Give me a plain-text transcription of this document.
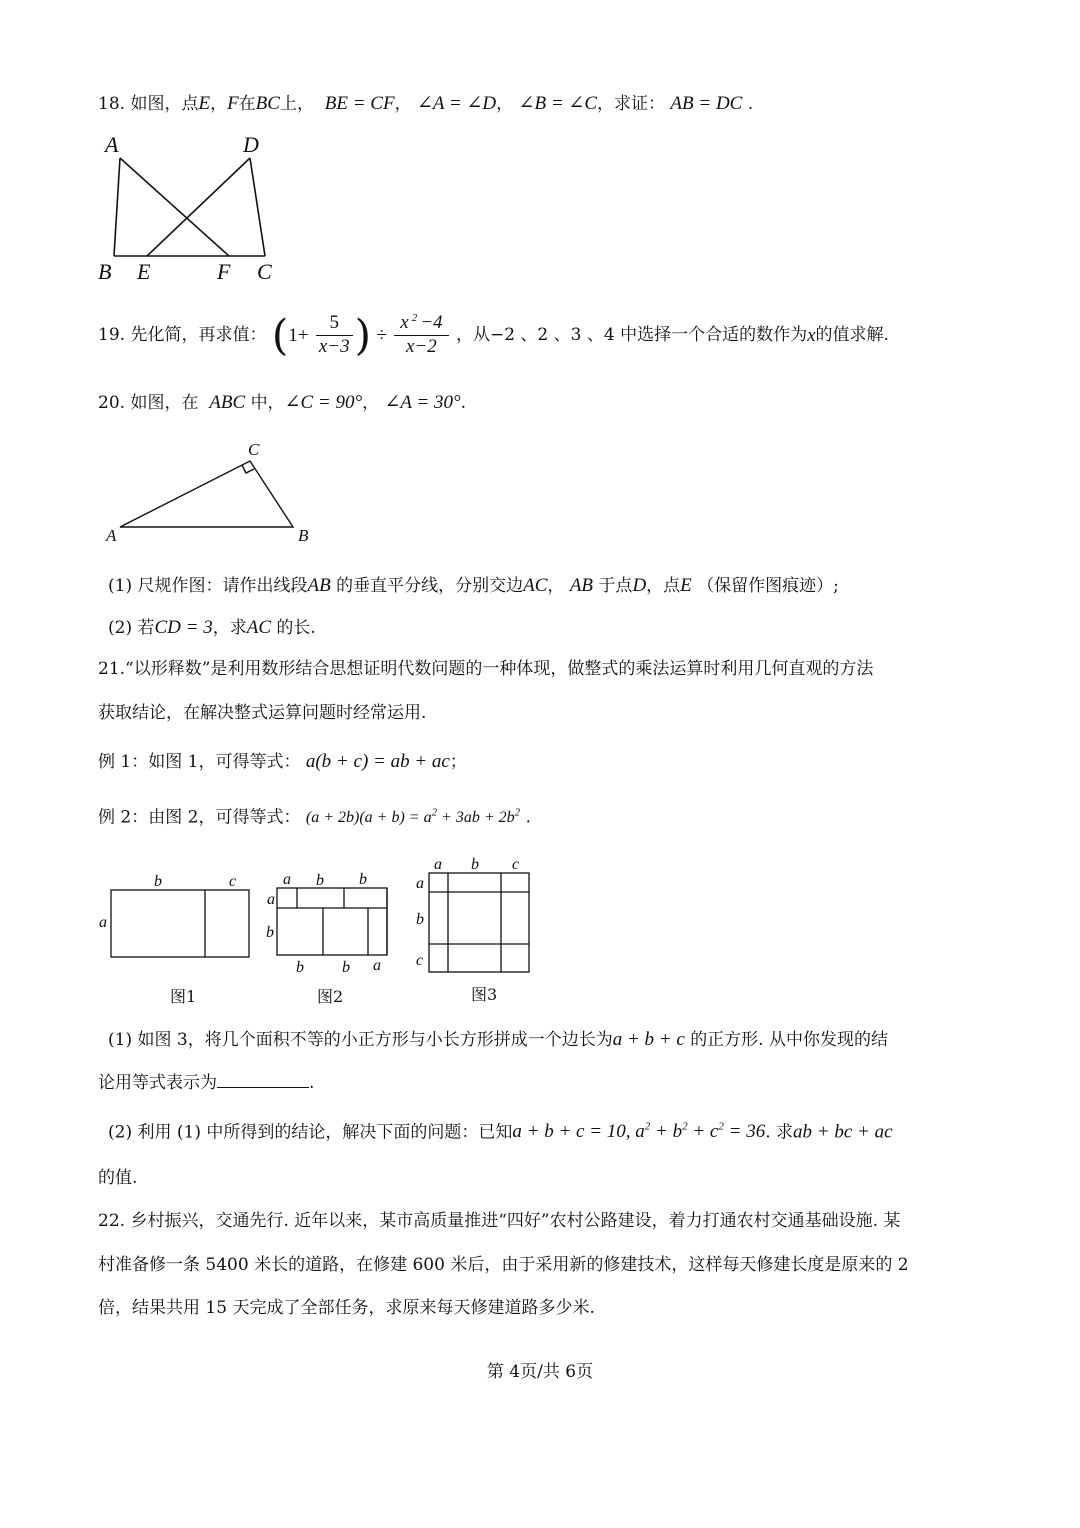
18. 如图，点E，F在BC上， BE = CF， ∠A = ∠D， ∠B = ∠C，求证： AB = DC .
A	D
B E	F C
19. 先化简，再求值： ($1+ \frac{5}{x-3}$ ) ÷ $\frac{x ^2 -4}{x-2}$ ，从−2 、2 、3 、4 中选择一个合适的数作为x的值求解.
20. 如图，在 ABC 中，∠C = 90°， ∠A = 30°.
C
A	B
(1) 尺规作图：请作出线段AB 的垂直平分线，分别交边AC， AB 于点D，点E （保留作图痕迹）;
(2) 若CD = 3，求AC 的长.
21.“以形释数”是利用数形结合思想证明代数问题的一种体现，做整式的乘法运算时利用几何直观的方法
获取结论，在解决整式运算问题时经常运用.
例 1：如图 1，可得等式： a(b + c) = ab + ac；
例 2：由图 2，可得等式： $(a + 2b)(a + b) = a^2 + 3ab + 2b^2$ .
b	c
a
a b b
a
b
b b a
a b c
a
b
c
图1	图2	图3
(1) 如图 3，将几个面积不等的小正方形与小长方形拼成一个边长为a + b + c 的正方形. 从中你发现的结
论用等式表示为	.
(2) 利用 (1) 中所得到的结论，解决下面的问题：已知a + b + c = 10, $a^2 + b^2 + c^2 = 36$. 求ab + bc + ac
的值.
22. 乡村振兴，交通先行. 近年以来，某市高质量推进“四好”农村公路建设，着力打通农村交通基础设施. 某
村准备修一条 5400 米长的道路，在修建 600 米后，由于采用新的修建技术，这样每天修建长度是原来的 2
倍，结果共用 15 天完成了全部任务，求原来每天修建道路多少米.
第 4页/共 6页
